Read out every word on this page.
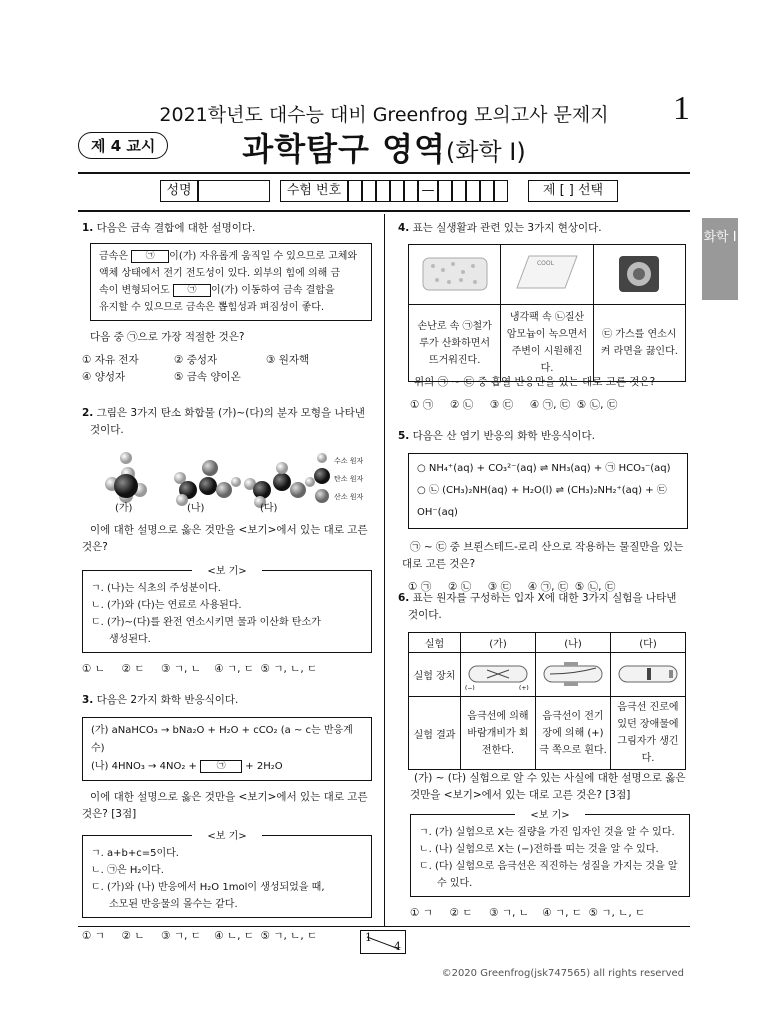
2021학년도 대수능 대비 Greenfrog 모의고사 문제지	1
제 4 교시	과학탐구 영역(화학 I)
성명	수험 번호	—	제 [ ] 선택
화학 I
1. 다음은 금속 결합에 대한 설명이다.
금속은 ㉠ 이(가) 자유롭게 움직일 수 있으므로 고체와
액체 상태에서 전기 전도성이 있다. 외부의 힘에 의해 금
속이 변형되어도 ㉠ 이(가) 이동하여 금속 결합을
유지할 수 있으므로 금속은 뽑힘성과 펴짐성이 좋다.
다음 중 ㉠으로 가장 적절한 것은?
① 자유 전자	② 중성자	③ 원자핵
④ 양성자	⑤ 금속 양이온
2. 그림은 3가지 탄소 화합물 (가)~(다)의 분자 모형을 나타낸
것이다.
수소 원자
탄소 원자
산소 원자
(가)	(나)	(다)
이에 대한 설명으로 옳은 것만을 <보기>에서 있는 대로 고른
것은?
<보 기>
ㄱ. (나)는 식초의 주성분이다.
ㄴ. (가)와 (다)는 연료로 사용된다.
ㄷ. (가)~(다)를 완전 연소시키면 물과 이산화 탄소가
생성된다.
① ㄴ     ② ㄷ     ③ ㄱ, ㄴ    ④ ㄱ, ㄷ  ⑤ ㄱ, ㄴ, ㄷ
3. 다음은 2가지 화학 반응식이다.
(가) aNaHCO₃ → bNa₂O + H₂O + cCO₂ (a ~ c는 반응계수)
(나) 4HNO₃ → 4NO₂ + ㉠ + 2H₂O
이에 대한 설명으로 옳은 것만을 <보기>에서 있는 대로 고른
것은? [3점]
<보 기>
ㄱ. a+b+c=5이다.
ㄴ. ㉠은 H₂이다.
ㄷ. (가)와 (나) 반응에서 H₂O 1mol이 생성되었을 때,
소모된 반응물의 몰수는 같다.
① ㄱ     ② ㄴ     ③ ㄱ, ㄷ    ④ ㄴ, ㄷ  ⑤ ㄱ, ㄴ, ㄷ
4. 표는 실생활과 관련 있는 3가지 현상이다.

COOL

손난로 속 ㉠철가루가 산화하면서 뜨거워진다.	냉각팩 속 ㉡질산 암모늄이 녹으면서 주변이 시원해진다.	㉢ 가스를 연소시켜 라면을 끓인다.
위의 ㉠ ~ ㉢ 중 흡열 반응만을 있는 대로 고른 것은?
① ㉠     ② ㉡     ③ ㉢     ④ ㉠, ㉢  ⑤ ㉡, ㉢
5. 다음은 산 염기 반응의 화학 반응식이다.
○ NH₄⁺(aq) + CO₃²⁻(aq) ⇌ NH₃(aq) + ㉠ HCO₃⁻(aq)
○ ㉡ (CH₃)₂NH(aq) + H₂O(l) ⇌ (CH₃)₂NH₂⁺(aq) + ㉢ OH⁻(aq)
㉠ ~ ㉢ 중 브뢴스테드-로리 산으로 작용하는 물질만을 있는
대로 고른 것은?
① ㉠     ② ㉡     ③ ㉢     ④ ㉠, ㉢  ⑤ ㉡, ㉢
6. 표는 원자를 구성하는 입자 X에 대한 3가지 실험을 나타낸
것이다.
실험	(가)	(나)	(다)
실험 장치	(−) (+)

실험 결과	음극선에 의해 바람개비가 회전한다.	음극선이 전기장에 의해 (+)극 쪽으로 휜다.	음극선 진로에 있던 장애물에 그림자가 생긴다.
(가) ~ (다) 실험으로 알 수 있는 사실에 대한 설명으로 옳은
것만을 <보기>에서 있는 대로 고른 것은? [3점]
<보 기>
ㄱ. (가) 실험으로 X는 질량을 가진 입자인 것을 알 수 있다.
ㄴ. (나) 실험으로 X는 (−)전하를 띠는 것을 알 수 있다.
ㄷ. (다) 실험으로 음극선은 직진하는 성질을 가지는 것을 알
수 있다.
① ㄱ     ② ㄷ     ③ ㄱ, ㄴ    ④ ㄱ, ㄷ  ⑤ ㄱ, ㄴ, ㄷ
1
4
©2020 Greenfrog(jsk747565) all rights reserved
